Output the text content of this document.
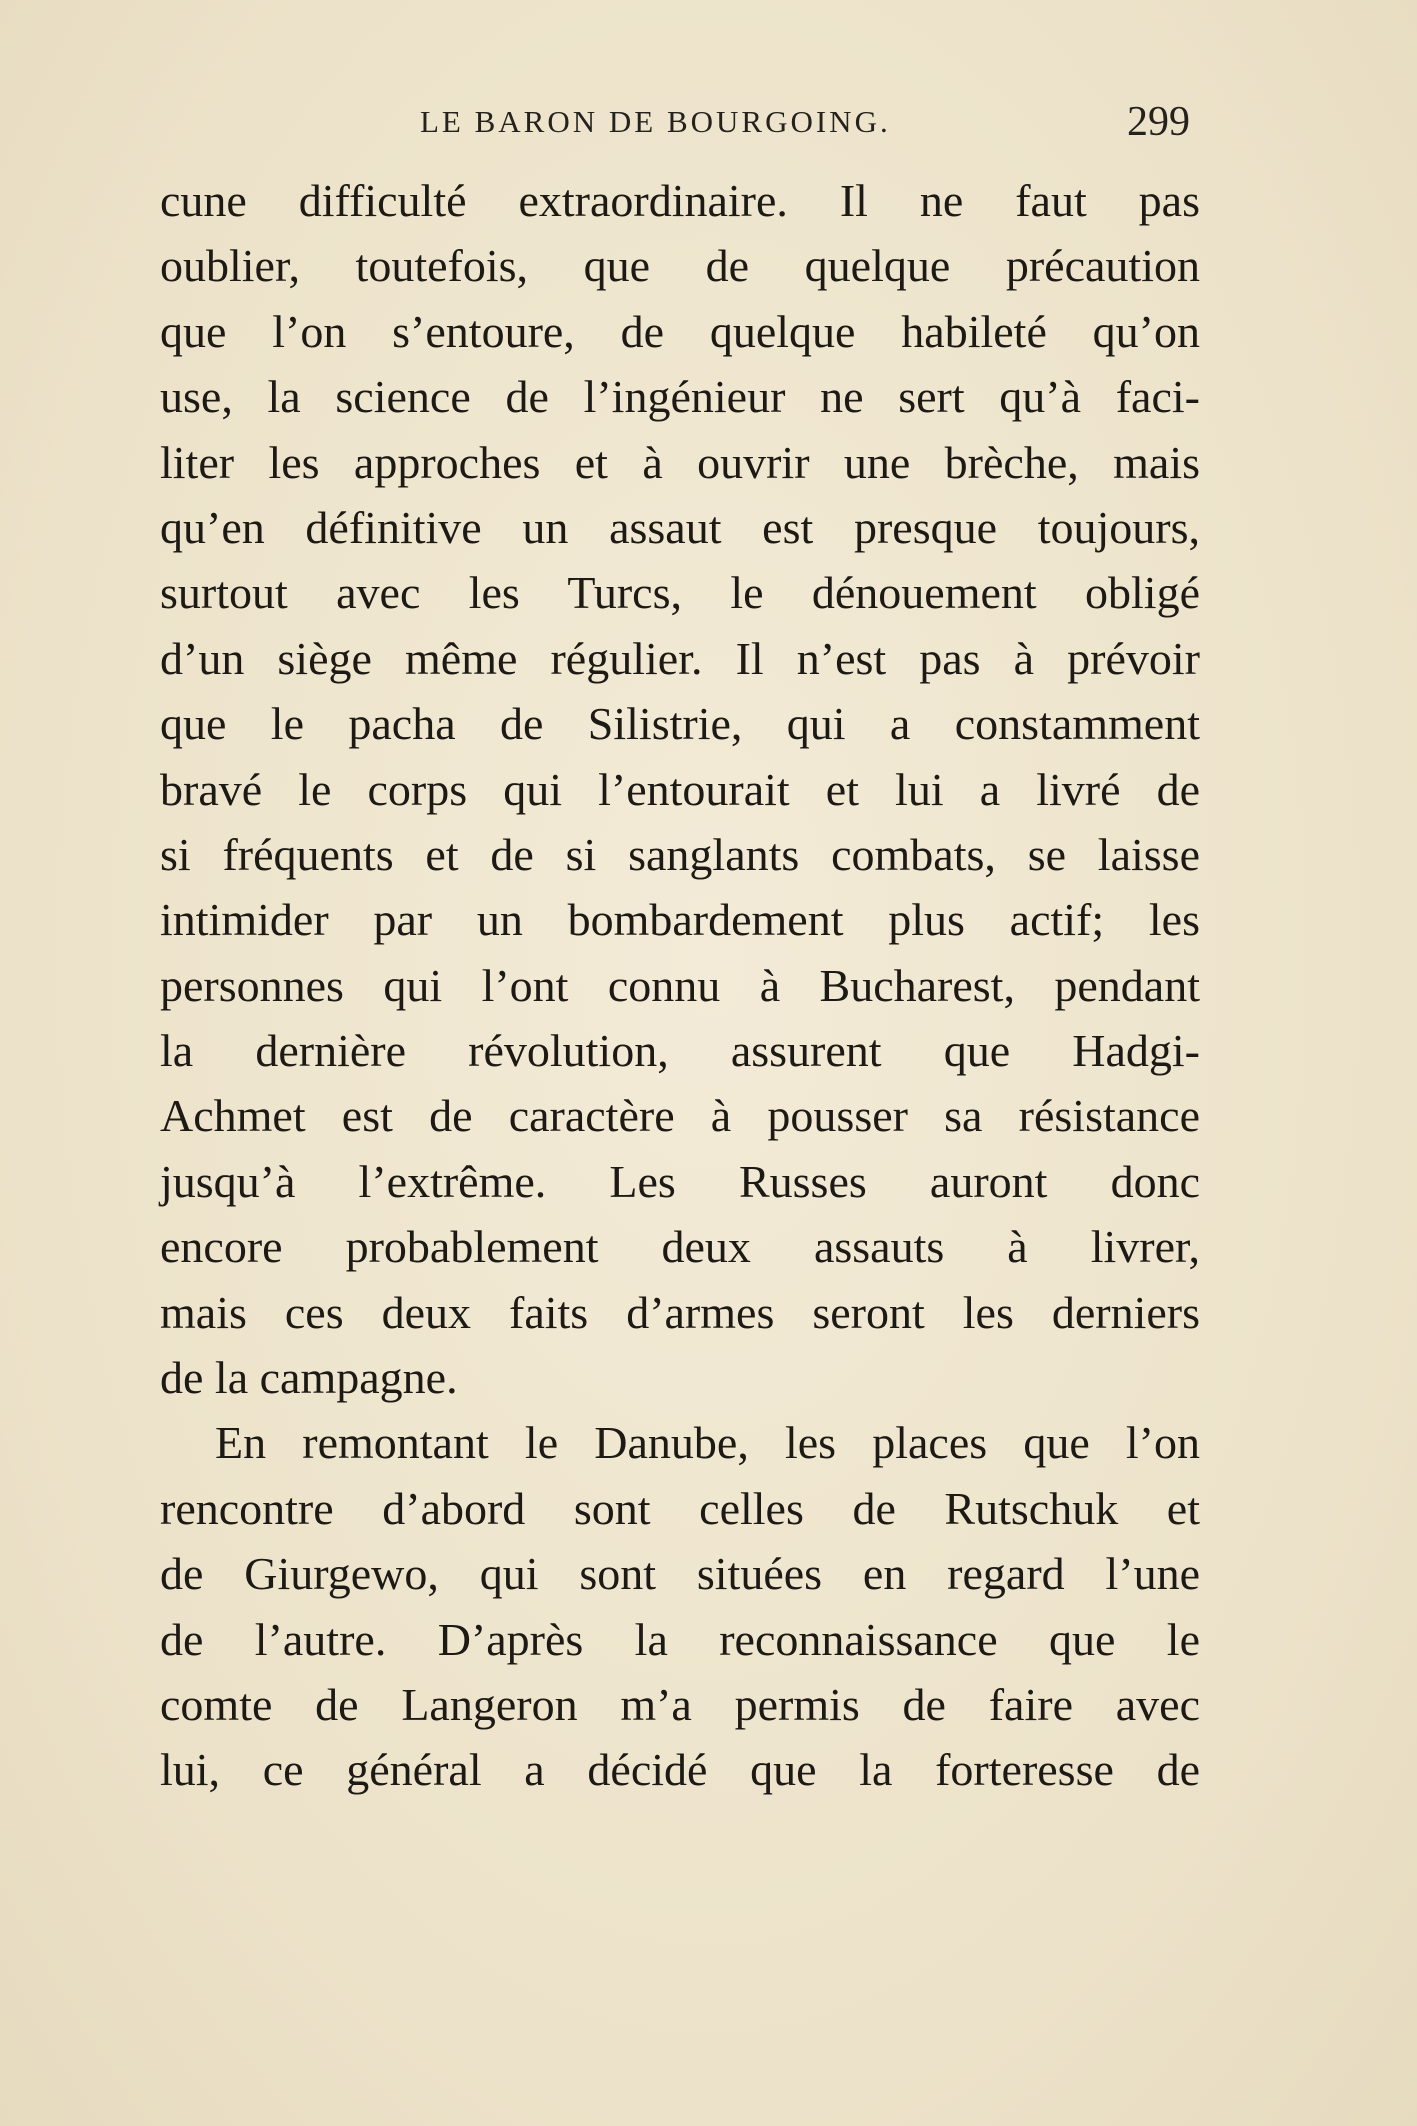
LE BARON DE BOURGOING.	299
cune difficulté extraordinaire. Il ne faut pas
oublier, toutefois, que de quelque précaution
que l’on s’entoure, de quelque habileté qu’on
use, la science de l’ingénieur ne sert qu’à faci-
liter les approches et à ouvrir une brèche, mais
qu’en définitive un assaut est presque toujours,
surtout avec les Turcs, le dénouement obligé
d’un siège même régulier. Il n’est pas à prévoir
que le pacha de Silistrie, qui a constamment
bravé le corps qui l’entourait et lui a livré de
si fréquents et de si sanglants combats, se laisse
intimider par un bombardement plus actif; les
personnes qui l’ont connu à Bucharest, pendant
la dernière révolution, assurent que Hadgi-
Achmet est de caractère à pousser sa résistance
jusqu’à l’extrême. Les Russes auront donc
encore probablement deux assauts à livrer,
mais ces deux faits d’armes seront les derniers
de la campagne.
En remontant le Danube, les places que l’on
rencontre d’abord sont celles de Rutschuk et
de Giurgewo, qui sont situées en regard l’une
de l’autre. D’après la reconnaissance que le
comte de Langeron m’a permis de faire avec
lui, ce général a décidé que la forteresse de
